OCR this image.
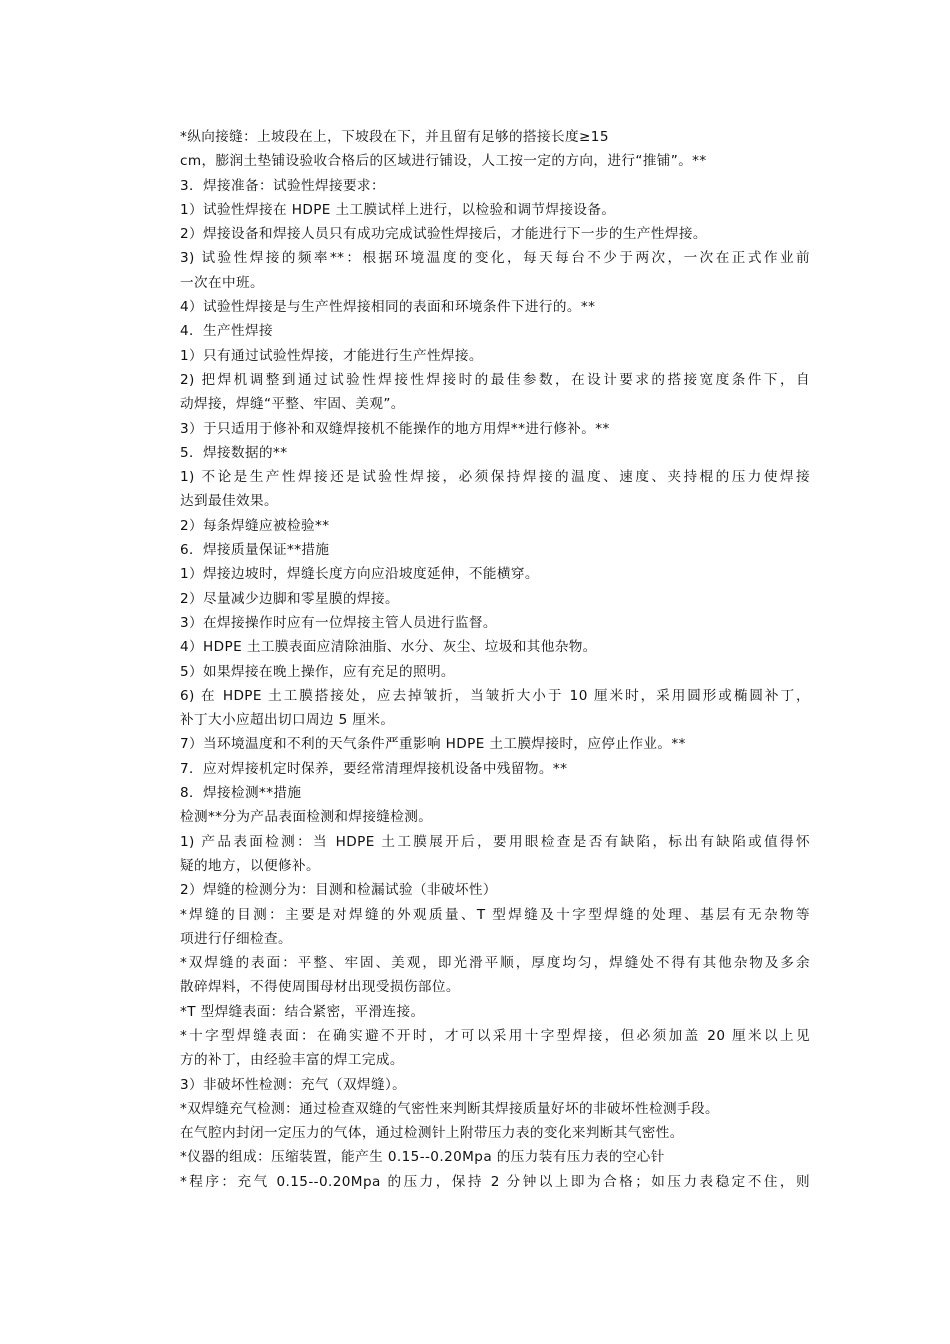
*纵向接缝：上坡段在上，下坡段在下，并且留有足够的搭接长度≥15
cm，膨润土垫铺设验收合格后的区域进行铺设，人工按一定的方向，进行“推铺”。**
3．焊接准备：试验性焊接要求：
1）试验性焊接在 HDPE 土工膜试样上进行，以检验和调节焊接设备。
2）焊接设备和焊接人员只有成功完成试验性焊接后，才能进行下一步的生产性焊接。
3) 试验性焊接的频率**：根据环境温度的变化，每天每台不少于两次，一次在正式作业前
一次在中班。
4）试验性焊接是与生产性焊接相同的表面和环境条件下进行的。**
4．生产性焊接
1）只有通过试验性焊接，才能进行生产性焊接。
2) 把焊机调整到通过试验性焊接性焊接时的最佳参数，在设计要求的搭接宽度条件下，自
动焊接，焊缝“平整、牢固、美观”。
3）于只适用于修补和双缝焊接机不能操作的地方用焊**进行修补。**
5．焊接数据的**
1) 不论是生产性焊接还是试验性焊接，必须保持焊接的温度、速度、夹持棍的压力使焊接
达到最佳效果。
2）每条焊缝应被检验**
6．焊接质量保证**措施
1）焊接边坡时，焊缝长度方向应沿坡度延伸，不能横穿。
2）尽量减少边脚和零星膜的焊接。
3）在焊接操作时应有一位焊接主管人员进行监督。
4）HDPE 土工膜表面应清除油脂、水分、灰尘、垃圾和其他杂物。
5）如果焊接在晚上操作，应有充足的照明。
6) 在 HDPE 土工膜搭接处，应去掉皱折，当皱折大小于 10 厘米时，采用圆形或椭圆补丁，
补丁大小应超出切口周边 5 厘米。
7）当环境温度和不利的天气条件严重影响 HDPE 土工膜焊接时，应停止作业。**
7．应对焊接机定时保养，要经常清理焊接机设备中残留物。**
8．焊接检测**措施
检测**分为产品表面检测和焊接缝检测。
1) 产品表面检测：当 HDPE 土工膜展开后，要用眼检查是否有缺陷，标出有缺陷或值得怀
疑的地方，以便修补。
2）焊缝的检测分为：目测和检漏试验（非破坏性）
*焊缝的目测：主要是对焊缝的外观质量、T 型焊缝及十字型焊缝的处理、基层有无杂物等
项进行仔细检查。
*双焊缝的表面：平整、牢固、美观，即光滑平顺，厚度均匀，焊缝处不得有其他杂物及多余
散碎焊料，不得使周围母材出现受损伤部位。
*T 型焊缝表面：结合紧密，平滑连接。
*十字型焊缝表面：在确实避不开时，才可以采用十字型焊接，但必须加盖 20 厘米以上见
方的补丁，由经验丰富的焊工完成。
3）非破坏性检测：充气（双焊缝）。
*双焊缝充气检测：通过检查双缝的气密性来判断其焊接质量好坏的非破坏性检测手段。
在气腔内封闭一定压力的气体，通过检测针上附带压力表的变化来判断其气密性。
*仪器的组成：压缩装置，能产生 0.15--0.20Mpa 的压力装有压力表的空心针
*程序：充气 0.15--0.20Mpa 的压力，保持 2 分钟以上即为合格；如压力表稳定不住，则
